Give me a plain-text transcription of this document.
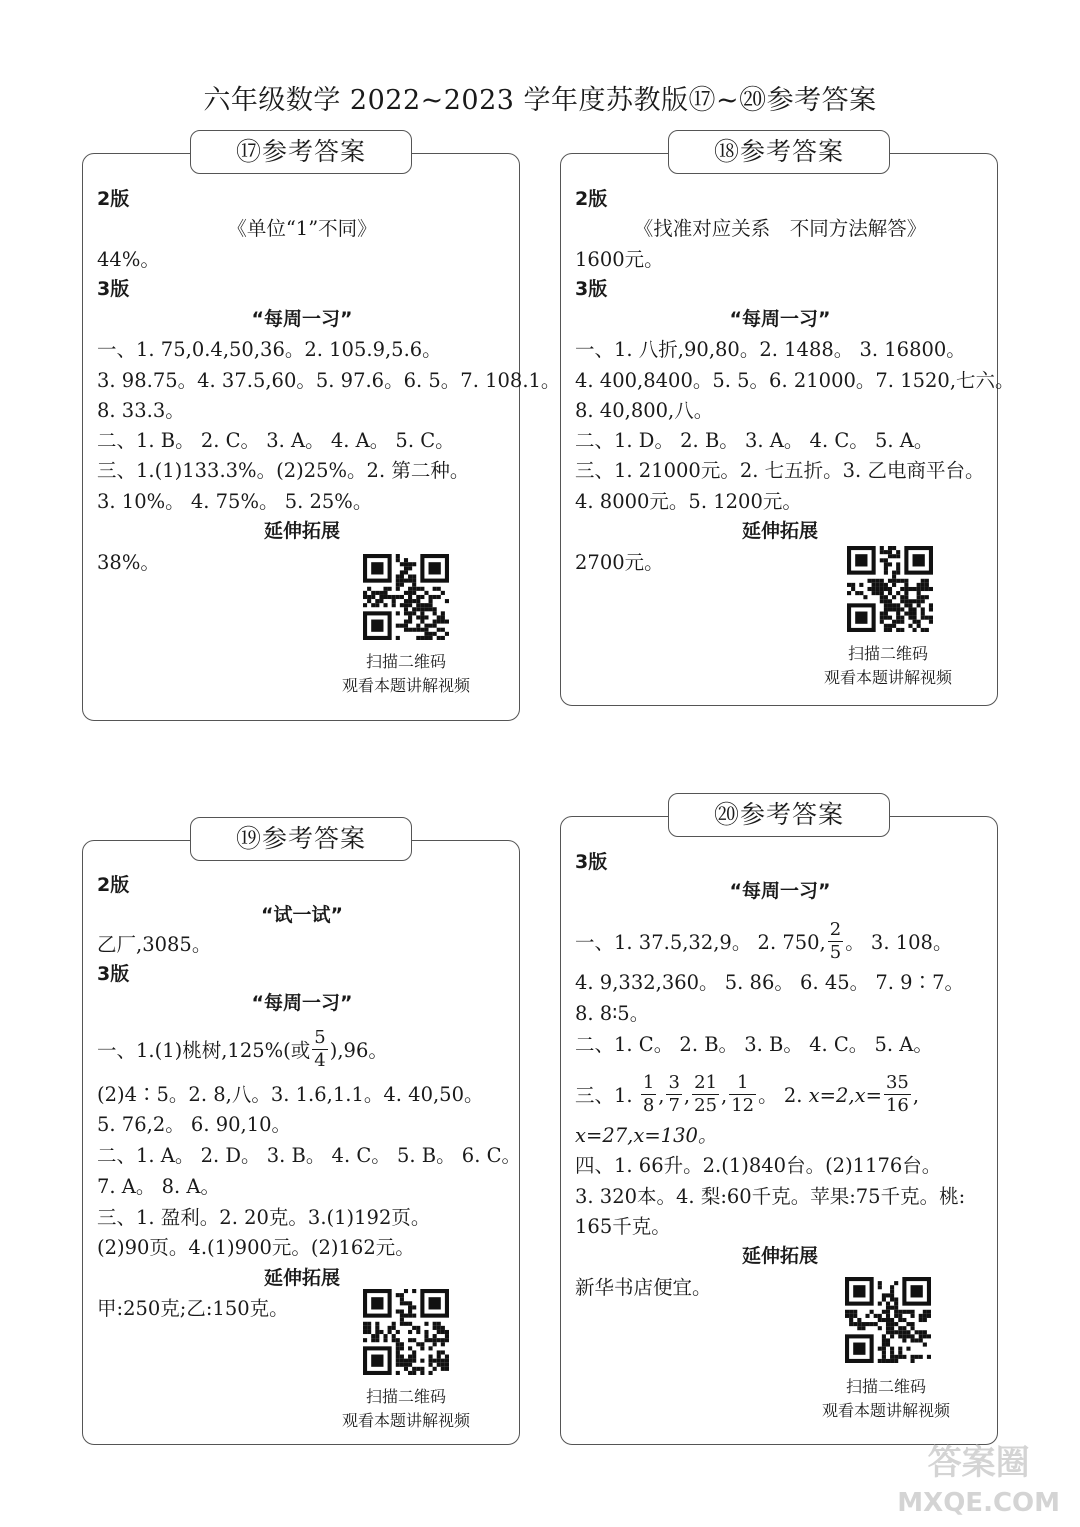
六年级数学 2022~2023 学年度苏教版⑰~⑳参考答案
2版
《单位“1”不同》
44%。
3版
“每周一习”
一、1. 75,0.4,50,36。2. 105.9,5.6。
3. 98.75。4. 37.5,60。5. 97.6。6. 5。7. 108.1。
8. 33.3。
二、1. B。 2. C。 3. A。 4. A。 5. C。
三、1.(1)133.3%。(2)25%。2. 第二种。
3. 10%。 4. 75%。 5. 25%。
延伸拓展
38%。
扫描二维码
观看本题讲解视频
⑰参考答案
2版
《找准对应关系　不同方法解答》
1600元。
3版
“每周一习”
一、1. 八折,90,80。2. 1488。 3. 16800。
4. 400,8400。5. 5。6. 21000。7. 1520,七六。
8. 40,800,八。
二、1. D。 2. B。 3. A。 4. C。 5. A。
三、1. 21000元。2. 七五折。3. 乙电商平台。
4. 8000元。5. 1200元。
延伸拓展
2700元。
扫描二维码
观看本题讲解视频
⑱参考答案
2版
“试一试”
乙厂,3085。
3版
“每周一习”
一、1.(1)桃树,125%(或 $\frac{5}{4} ),96$。
(2)4∶5。2. 8,八。3. 1.6,1.1。4. 40,50。
5. 76,2。 6. 90,10。
二、1. A。 2. D。 3. B。 4. C。 5. B。 6. C。
7. A。 8. A。
三、1. 盈利。2. 20克。3.(1)192页。
(2)90页。4.(1)900元。(2)162元。
延伸拓展
甲:250克;乙:150克。
扫描二维码
观看本题讲解视频
⑲参考答案
3版
“每周一习”
一、1. 37.5,32,9。 2. 750, $\frac{2}{5}$ 。 3. 108。
4. 9,332,360。 5. 86。 6. 45。 7. 9∶7。
8. 8∶5。
二、1. C。 2. B。 3. B。 4. C。 5. A。
三、1. $\frac{1}{8}$ , $\frac{3}{7}$ , $\frac{21}{25}$ , $\frac{1}{12}$ 。 2. $x=2,x= \frac{35}{16}$ ,
x=27,x=130。
四、1. 66升。2.(1)840台。(2)1176台。
3. 320本。4. 梨:60千克。苹果:75千克。桃:
165千克。
延伸拓展
新华书店便宜。
扫描二维码
观看本题讲解视频
⑳参考答案
答案圈
MXQE.COM
